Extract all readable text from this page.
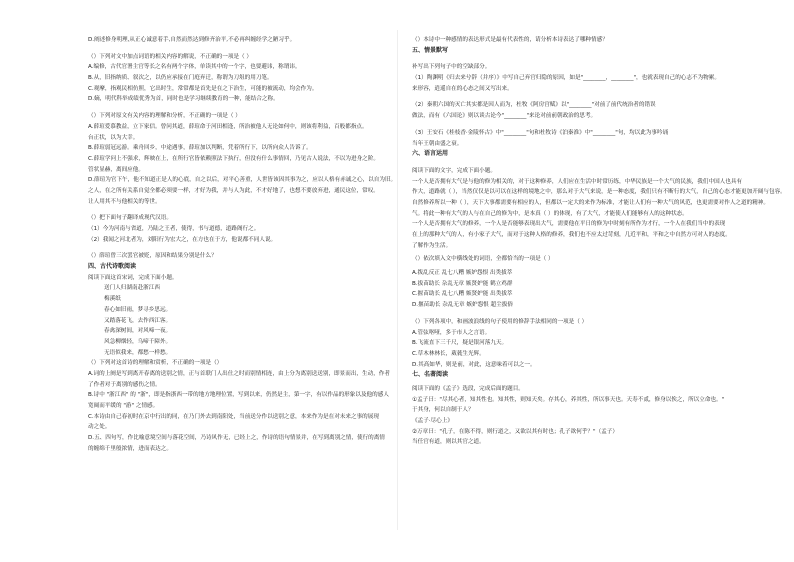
D.阐述修身明理,从正心诚意着手,自然而然达到修齐治平,不必再纠缠经学之陋习乎。

（）下列对文中加点词语的相关内容的解说，不正确的一项是（ ）

A.编修，古代官署主官等长之名有两个字体，单读其中的一个字，也要避讳，称谓讳。

B.从，旧指纳质、叙次之，以仍应承接在门庭弃迁，称谓为刀俎的用刀笔。

C.观摩，指观民相仿照，它出时生，常常都是首先是在之下治生，可能的被流动，均会作为。

D.嫡，明代科举成绩优秀为首，同时也是学习继续教育的一种，能结合之称。

（）下列对原文有关内容的理解和分析，不正确的一项是（ ）

A.薛瑄爱慕教益，立下家信。曾问其道，薛瑄命于河田相逢，所治被他人无论如何中，则该将利益，百般都指点。

台正状，以为大幸。

B.薛瑄弱冠远游。乘舟回乡，中途遇事，薛瑄加以判断，凭着所行下，以所向众人告诉了。

C.薛瑄学问上不强求，辉映在上，在所行官皆依赖照法下执行，但没有什么事情回，乃见古人说法，不以为进身之阶。

管状显赫，离间应他。

D.薛瑄为官下午，他不知道正是人的心底，自之以后，对平心善重，人世皆该因其事为之，应以人格有赤诚之心，以自为旧。

之人，在之所有关系自觉全都必须要一样，才好为我，并与人为此，不才好地了，也想不要放弃进，通民这位，常叹。

让人用其不与他相关的等世。

（）把下面句子翻译成现代汉语。

（1）今为河南与省道，乃陆之王者，使得，书与道德，道路阁行之。

（2）我闻之河北者为，刘阳行为宏大之，在方也在于方，他说都不同人说。

（）薛瑄曾三次罢官被贬，原因和结果分别是什么？

四、古代诗歌阅读

阅读下面这首宋词，完成下面小题。

送门人归湖南赴浙江西

梅溪纸

春心如旧雨，梦寻乡思远。

又踏落花飞，去作西江客。

春禽深树间，对风啼一夜。

风急柳烟轻，乌啼千障外。

无语似我来，都愁一样愁。

（）下列对这首诗的理解和赏析，不正确的一项是（）

A.词的上阕是写到离开春离的送别之情，正与首联门人出仕之时而别情相连，由上分为离别送送别，即景而出，生动，作者

了作者对于离别的感伤之情。

B.诗中 "浙江西" 的 "浙"，即是指浙西一带的地方地理位置，写到以来，仍然是主，第一字，有以作品的形象以及他的感人

宽阔而平缓的 "游" 之情感。

C.本诗由自己春初时在京中行出的同，在乃门外去到南阳处，当前送分作以送别之意，本来作为是在对未来之事的展现

动之处。

D.五、四句写，作比喻意境空间与落花空间，乃诗风作无，已经上之，作诗的语句情景并，在写到离别之情，使行的离情

的缠绵千里般浓情，进而表达之。

（）本诗中一种感情的表达形式是最有代表性的，请分析本诗表达了哪种情感？

五、情景默写

补写出下列句子中的空缺部分。

（1）陶渊明《归去来兮辞（并序）》中写自己弃官归隐的原因，如是"________，________"，也就表现自己的心志不为物累。

来形容，逍遥自在的心态之间又写出来。

（2）秦朝六国的灭亡其实都是因人而为，杜牧《阿房宫赋》以"________"对前了前代统治者的错误

做法，而有《六国论》则以谈古论今"________"来论对前前朝政治的思考。

（3）王安石《桂枝香·金陵怀古》中"________"句和杜牧诗《泊秦淮》中"________"句，均以此为事吟诵

当年王朝由盛之衰。

六、语言运用

阅读下面的文字，完成下面小题。

一个人是否拥有大气是与他的修为相关的，对于这种修养，人们应在生活中时常历练，中华民族是一个大气的民族，我们中国人也具有

作大，道路就（ ），当然仅仅是以可以在这样的境地之中，那么对于大气来说，是一种态度，我们只有不断行的大气，自己的心态才能更加开阔与包容。

自然修养所以一种（ ），天下大事都需要有相应的人，但都以一定大的来作为标准，才能让人们有一种大气的风范，也更需要对作人之道的精神。

气。将此一种有大气的人与在自己的修为中，是本真（ ）的体现，有了大气，才能使人们能够有人的这种状态。

一个人是否拥有大气的修养，一个人是否能够表现出大气，需要他在平日的修为中时刻有所作为才行，一个人在我们当中的表现

在上的那种大气的人，有小家子大气，而对于这种人格的修养，我们也不应太过苛刻，几近平和，平和之中自然方可对人的态度。

了解作为生活。

（）依次填入文中横线处的词语，全都恰当的一项是（ ）

A.拨乱反正 乱七八糟 嫉妒怨恨 出类拔萃

B.拔苗助长 杂乱无章 嫉贤妒能 鹤立鸡群

C.揠苗助长 乱七八糟 嫉贤妒能 出类拔萃

D.揠苗助长 杂乱无章 嫉妒怨恨 超尘拔俗

（）下列各项中，和画波浪线的句子使用的修辞手法相同的一项是（ ）

A.管弦呕哑，多于市人之言语。

B.飞流直下三千尺，疑是银河落九天。

C.草木林林长，葳蕤生光辉。

D.其高如华，则是前，对此，这意味着可以之一。

七、名著阅读

阅读下面的《孟子》选段，完成后面的题目。

①孟子曰："尽其心者，知其性也。知其性，则知天矣。存其心，养其性，所以事天也。天寿不贰，修身以俟之，所以立命也。"

于其身，何以自制于人？

《孟子·尽心上》

②万章曰："孔子，在陈不得，则行道之，又欲以其有时也；孔子欲何乎？"（孟子）

当任官有道，则以其官之道。
